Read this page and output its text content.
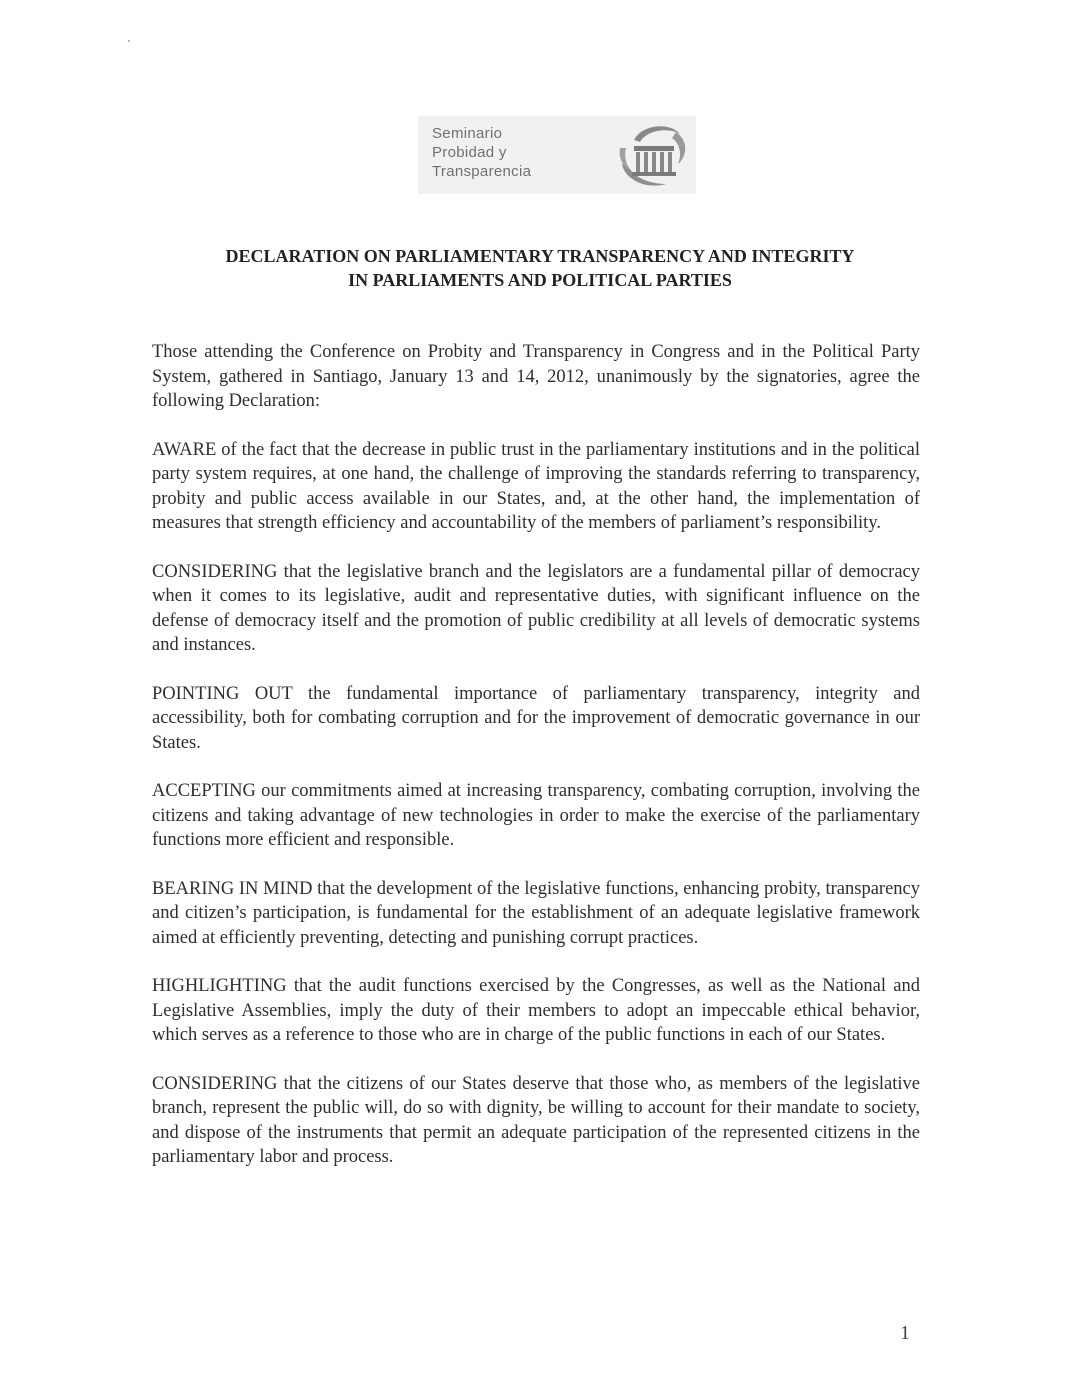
Seminario
Probidad y
Transparencia
DECLARATION ON PARLIAMENTARY TRANSPARENCY AND INTEGRITY
IN PARLIAMENTS AND POLITICAL PARTIES

Those attending the Conference on Probity and Transparency in Congress and in the Political Party System, gathered in Santiago, January 13 and 14, 2012, unanimously by the signatories, agree the following Declaration:

AWARE of the fact that the decrease in public trust in the parliamentary institutions and in the political party system requires, at one hand, the challenge of improving the standards referring to transparency, probity and public access available in our States, and, at the other hand, the implementation of measures that strength efficiency and accountability of the members of parliament’s responsibility.

CONSIDERING that the legislative branch and the legislators are a fundamental pillar of democracy when it comes to its legislative, audit and representative duties, with significant influence on the defense of democracy itself and the promotion of public credibility at all levels of democratic systems and instances.

POINTING OUT the fundamental importance of parliamentary transparency, integrity and accessibility, both for combating corruption and for the improvement of democratic governance in our States.

ACCEPTING our commitments aimed at increasing transparency, combating corruption, involving the citizens and taking advantage of new technologies in order to make the exercise of the parliamentary functions more efficient and responsible.

BEARING IN MIND that the development of the legislative functions, enhancing probity, transparency and citizen’s participation, is fundamental for the establishment of an adequate legislative framework aimed at efficiently preventing, detecting and punishing corrupt practices.

HIGHLIGHTING that the audit functions exercised by the Congresses, as well as the National and Legislative Assemblies, imply the duty of their members to adopt an impeccable ethical behavior, which serves as a reference to those who are in charge of the public functions in each of our States.

CONSIDERING that the citizens of our States deserve that those who, as members of the legislative branch, represent the public will, do so with dignity, be willing to account for their mandate to society, and dispose of the instruments that permit an adequate participation of the represented citizens in the parliamentary labor and process.

1
